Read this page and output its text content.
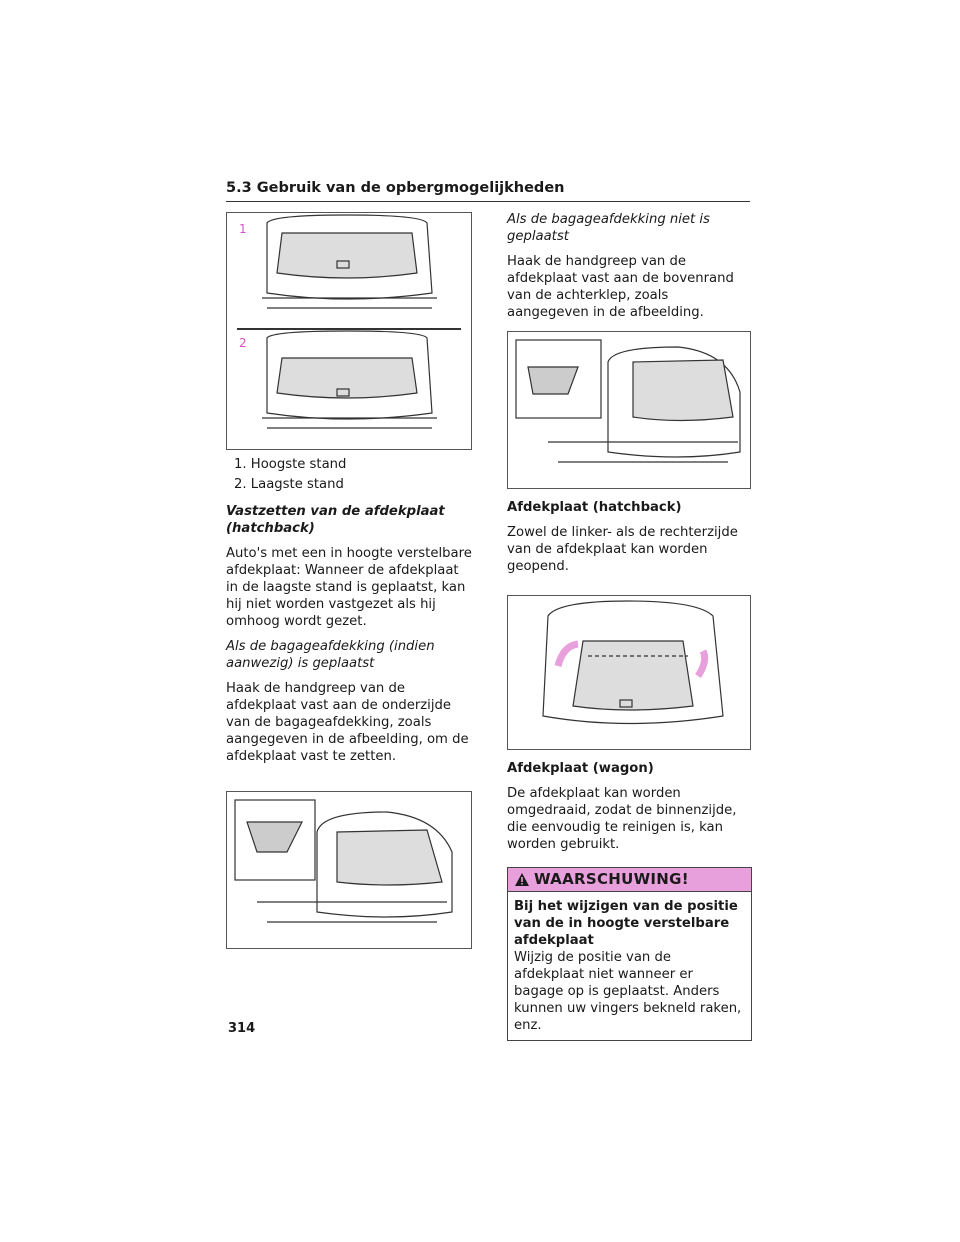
5.3 Gebruik van de opbergmogelijkheden
1
2
1. Hoogste stand
2. Laagste stand
Vastzetten van de afdekplaat (hatchback)
Auto's met een in hoogte verstelbare afdekplaat: Wanneer de afdekplaat in de laagste stand is geplaatst, kan hij niet worden vastgezet als hij omhoog wordt gezet.
Als de bagageafdekking (indien aanwezig) is geplaatst
Haak de handgreep van de afdekplaat vast aan de onderzijde van de bagageafdekking, zoals aangegeven in de afbeelding, om de afdekplaat vast te zetten.
Als de bagageafdekking niet is geplaatst
Haak de handgreep van de afdekplaat vast aan de bovenrand van de achterklep, zoals aangegeven in de afbeelding.
Afdekplaat (hatchback)
Zowel de linker- als de rechterzijde van de afdekplaat kan worden geopend.
Afdekplaat (wagon)
De afdekplaat kan worden omgedraaid, zodat de binnenzijde, die eenvoudig te reinigen is, kan worden gebruikt.
WAARSCHUWING!
Bij het wijzigen van de positie van de in hoogte verstelbare afdekplaat
Wijzig de positie van de afdekplaat niet wanneer er bagage op is geplaatst. Anders kunnen uw vingers bekneld raken, enz.
314
